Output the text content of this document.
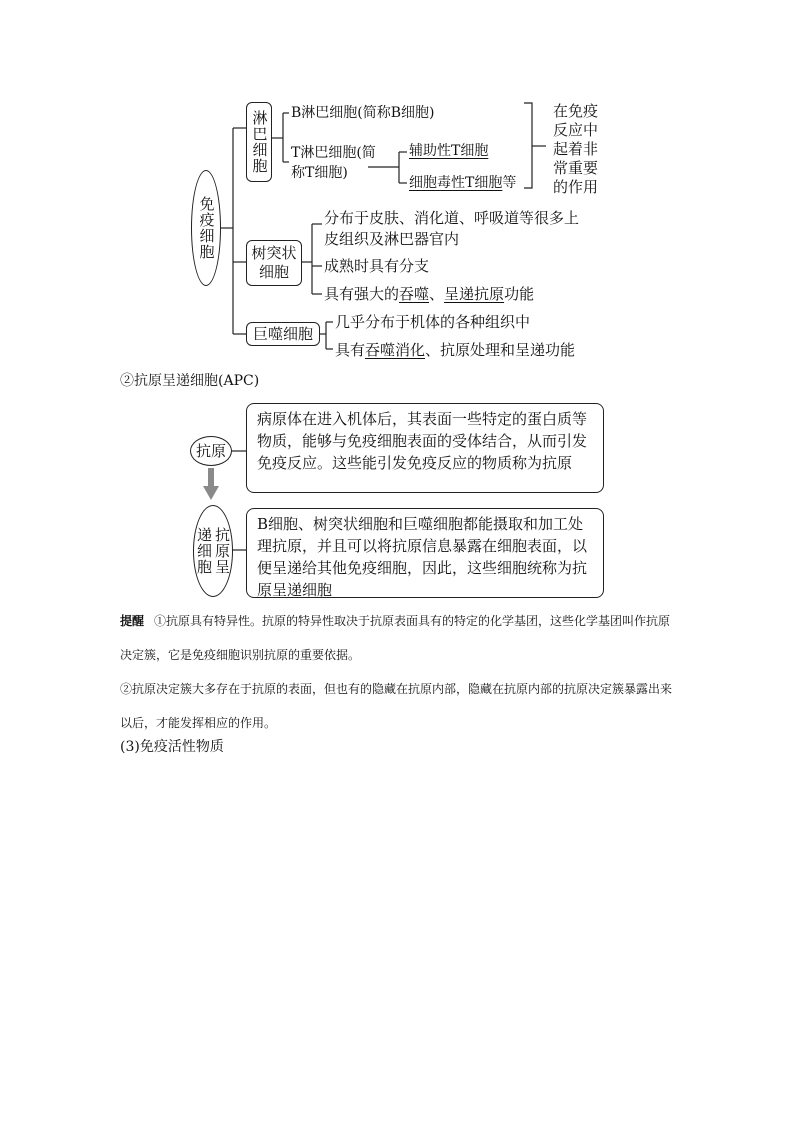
免疫细胞
淋巴细胞 B淋巴细胞(简称B细胞)
T淋巴细胞(简
称T细胞)
辅助性T细胞
细胞毒性T细胞等
在免疫
反应中
起着非
常重要
的作用
树突状
细胞
分布于皮肤、消化道、呼吸道等很多上
皮组织及淋巴器官内
成熟时具有分支
具有强大的吞噬、呈递抗原功能
巨噬细胞
几乎分布于机体的各种组织中
具有吞噬消化、抗原处理和呈递功能
②抗原呈递细胞(APC)
抗原
病原体在进入机体后，其表面一些特定的蛋白质等物质，能够与免疫细胞表面的受体结合，从而引发免疫反应。这些能引发免疫反应的物质称为抗原
抗原呈递细胞
B细胞、树突状细胞和巨噬细胞都能摄取和加工处理抗原，并且可以将抗原信息暴露在细胞表面，以便呈递给其他免疫细胞，因此，这些细胞统称为抗原呈递细胞
提醒 ①抗原具有特异性。抗原的特异性取决于抗原表面具有的特定的化学基团，这些化学基团叫作抗原决定簇，它是免疫细胞识别抗原的重要依据。
②抗原决定簇大多存在于抗原的表面，但也有的隐藏在抗原内部，隐藏在抗原内部的抗原决定簇暴露出来以后，才能发挥相应的作用。
(3)免疫活性物质
